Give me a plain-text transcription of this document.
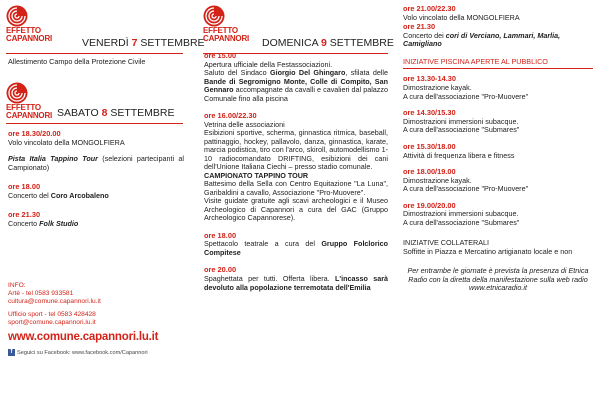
EFFETTO
CAPANNORI	VENERDÌ 7 SETTEMBRE
Allestimento Campo della Protezione Civile
EFFETTO
CAPANNORI SABATO 8 SETTEMBRE
ore 18.30/20.00

Volo vincolato della MONGOLFIERA

Pista Italia Tappino Tour (selezioni partecipanti al Campionato)

ore 18.00

Concerto del Coro Arcobaleno

ore 21.30

Concerto Folk Studio

INFO:
Artè - tel 0583 933581
cultura@comune.capannori.lu.it
Ufficio sport - tel 0583 428428
sport@comune.capannori.lu.it
www.comune.capannori.lu.it
f Seguici su Facebook: www.facebook.com/Capannori
EFFETTO
CAPANNORI DOMENICA 9 SETTEMBRE
ore 15.00

Apertura ufficiale della Festassociazioni.

Saluto del Sindaco Giorgio Del Ghingaro, sfilata delle Bande di Segromigno Monte, Colle di Compito, San Gennaro accompagnate da cavalli e cavalieri dal palazzo Comunale fino alla piscina

ore 16.00/22.30

Vetrina delle associazioni

Esibizioni sportive, scherma, ginnastica ritmica, baseball, pattinaggio, hockey, pallavolo, danza, ginnastica, karate, marcia podistica, tiro con l'arco, skiroll, automodellismo 1-10 radiocomandato DRIFTING, esibizioni dei cani dell'Unione Italiana Ciechi – presso stadio comunale.

CAMPIONATO TAPPINO TOUR

Battesimo della Sella con Centro Equitazione "La Luna", Garibaldini a cavallo, Associazione "Pro-Muovere".

Visite guidate gratuite agli scavi archeologici e il Museo Archeologico di Capannori a cura del GAC (Gruppo Archeologico Capannorese).

ore 18.00

Spettacolo teatrale a cura del Gruppo Folclorico Compitese

ore 20.00

Spaghettata per tutti. Offerta libera. L'incasso sarà devoluto alla popolazione terremotata dell'Emilia

ore 21.00/22.30

Volo vincolato della MONGOLFIERA

ore 21.30

Concerto dei cori di Verciano, Lammari, Marlia, Camigliano

INIZIATIVE PISCINA APERTE AL PUBBLICO
ore 13.30-14.30

Dimostrazione kayak.

A cura dell'associazione "Pro-Muovere"

ore 14.30/15.30

Dimostrazioni immersioni subacque.

A cura dell'associazione "Submares"

ore 15.30/18.00

Attività di frequenza libera e fitness

ore 18.00/19.00

Dimostrazione kayak.

A cura dell'associazione "Pro-Muovere"

ore 19.00/20.00

Dimostrazioni immersioni subacque.

A cura dell'associazione "Submares"

INIZIATIVE COLLATERALI

Soffitte in Piazza e Mercatino artigianato locale e non

Per entrambe le giornate è prevista la presenza di Etnica Radio con la diretta della manifestazione sulla web radio

www.etnicaradio.it
